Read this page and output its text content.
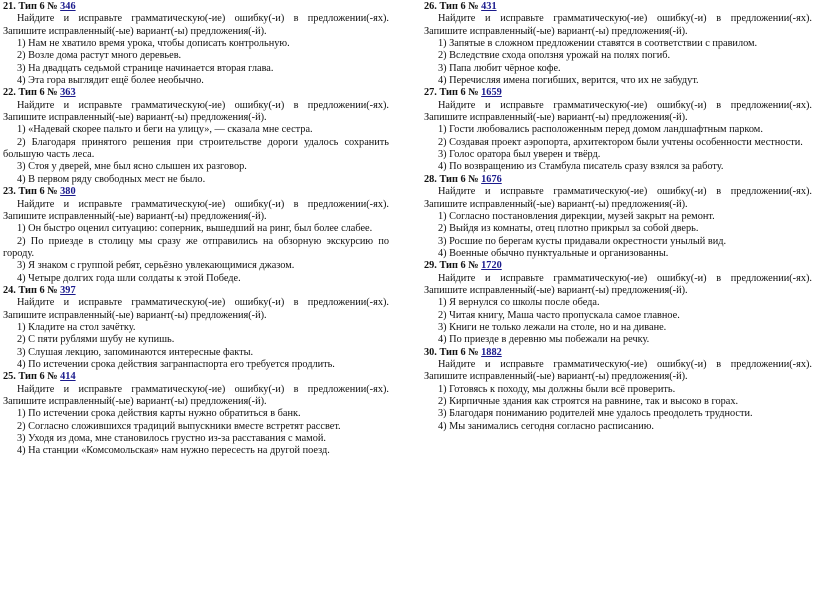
21. Тип 6 № 346
Найдите и исправьте грамматическую(-ие) ошибку(-и) в предложении(-ях). Запишите исправленный(-ые) вариант(-ы) предложения(-й).
1) Нам не хватило время урока, чтобы дописать контрольную.
2) Возле дома растут много деревьев.
3) На двадцать седьмой странице начинается вторая глава.
4) Эта гора выглядит ещё более необычно.
22. Тип 6 № 363
Найдите и исправьте грамматическую(-ие) ошибку(-и) в предложении(-ях). Запишите исправленный(-ые) вариант(-ы) предложения(-й).
1) «Надевай скорее пальто и беги на улицу», — сказала мне сестра.
2) Благодаря принятого решения при строительстве дороги удалось сохранить большую часть леса.
3) Стоя у дверей, мне был ясно слышен их разговор.
4) В первом ряду свободных мест не было.
23. Тип 6 № 380
Найдите и исправьте грамматическую(-ие) ошибку(-и) в предложении(-ях). Запишите исправленный(-ые) вариант(-ы) предложения(-й).
1) Он быстро оценил ситуацию: соперник, вышедший на ринг, был более слабее.
2) По приезде в столицу мы сразу же отправились на обзорную экскурсию по городу.
3) Я знаком с группой ребят, серьёзно увлекающимися джазом.
4) Четыре долгих года шли солдаты к этой Победе.
24. Тип 6 № 397
Найдите и исправьте грамматическую(-ие) ошибку(-и) в предложении(-ях). Запишите исправленный(-ые) вариант(-ы) предложения(-й).
1) Кладите на стол зачётку.
2) С пяти рублями шубу не купишь.
3) Слушая лекцию, запоминаются интересные факты.
4) По истечении срока действия загранпаспорта его требуется продлить.
25. Тип 6 № 414
Найдите и исправьте грамматическую(-ие) ошибку(-и) в предложении(-ях). Запишите исправленный(-ые) вариант(-ы) предложения(-й).
1) По истечении срока действия карты нужно обратиться в банк.
2) Согласно сложившихся традиций выпускники вместе встретят рассвет.
3) Уходя из дома, мне становилось грустно из-за расставания с мамой.
4) На станции «Комсомольская» нам нужно пересесть на другой поезд.
26. Тип 6 № 431
Найдите и исправьте грамматическую(-ие) ошибку(-и) в предложении(-ях). Запишите исправленный(-ые) вариант(-ы) предложения(-й).
1) Запятые в сложном предложении ставятся в соответствии с правилом.
2) Вследствие схода оползня урожай на полях погиб.
3) Папа любит чёрное кофе.
4) Перечисляя имена погибших, верится, что их не забудут.
27. Тип 6 № 1659
Найдите и исправьте грамматическую(-ие) ошибку(-и) в предложении(-ях). Запишите исправленный(-ые) вариант(-ы) предложения(-й).
1) Гости любовались расположенным перед домом ландшафтным парком.
2) Создавая проект аэропорта, архитектором были учтены особенности местности.
3) Голос оратора был уверен и твёрд.
4) По возвращению из Стамбула писатель сразу взялся за работу.
28. Тип 6 № 1676
Найдите и исправьте грамматическую(-ие) ошибку(-и) в предложении(-ях). Запишите исправленный(-ые) вариант(-ы) предложения(-й).
1) Согласно постановления дирекции, музей закрыт на ремонт.
2) Выйдя из комнаты, отец плотно прикрыл за собой дверь.
3) Росшие по берегам кусты придавали окрестности унылый вид.
4) Военные обычно пунктуальные и организованны.
29. Тип 6 № 1720
Найдите и исправьте грамматическую(-ие) ошибку(-и) в предложении(-ях). Запишите исправленный(-ые) вариант(-ы) предложения(-й).
1) Я вернулся со школы после обеда.
2) Читая книгу, Маша часто пропускала самое главное.
3) Книги не только лежали на столе, но и на диване.
4) По приезде в деревню мы побежали на речку.
30. Тип 6 № 1882
Найдите и исправьте грамматическую(-ие) ошибку(-и) в предложении(-ях). Запишите исправленный(-ые) вариант(-ы) предложения(-й).
1) Готовясь к походу, мы должны были всё проверить.
2) Кирпичные здания как строятся на равнине, так и высоко в горах.
3) Благодаря пониманию родителей мне удалось преодолеть трудности.
4) Мы занимались сегодня согласно расписанию.
